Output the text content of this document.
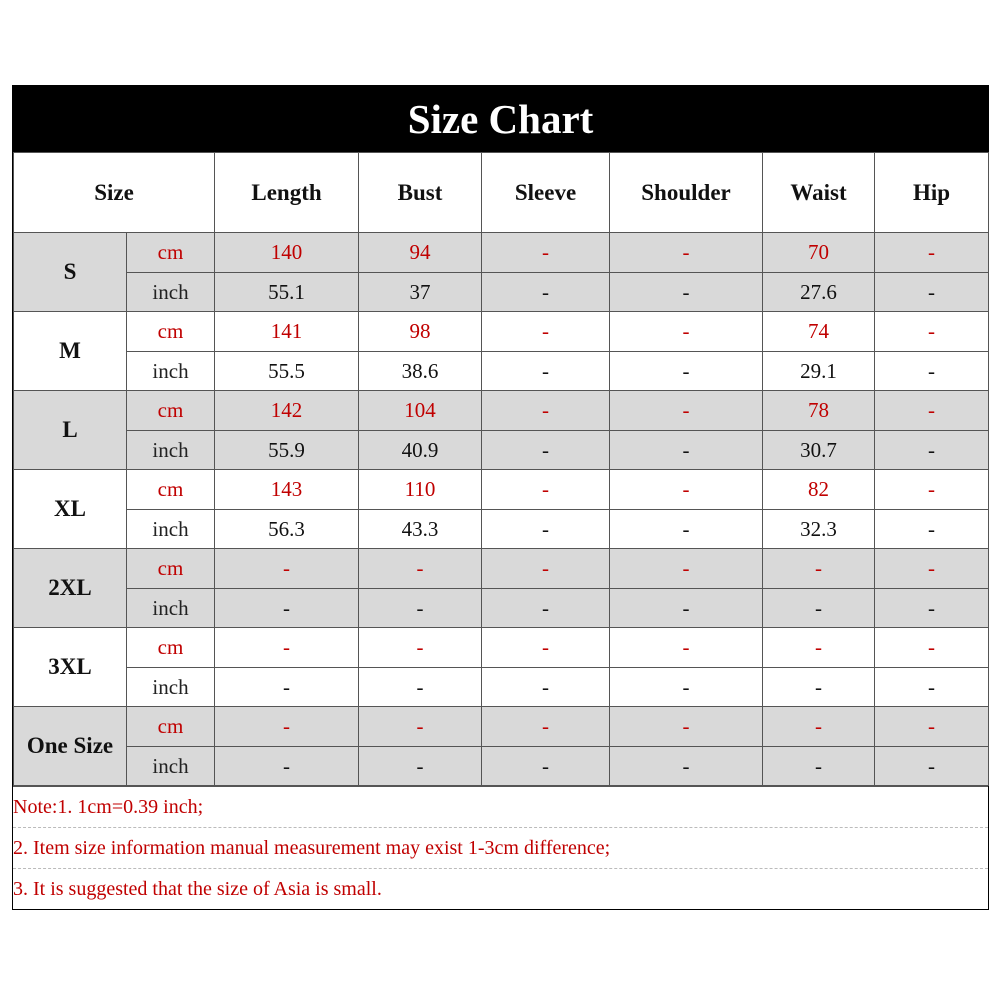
Size Chart
Size		Length	Bust	Sleeve	Shoulder	Waist	Hip
S	cm	140	94	-	-	70	-
	inch	55.1	37	-	-	27.6	-
M	cm	141	98	-	-	74	-
	inch	55.5	38.6	-	-	29.1	-
L	cm	142	104	-	-	78	-
	inch	55.9	40.9	-	-	30.7	-
XL	cm	143	110	-	-	82	-
	inch	56.3	43.3	-	-	32.3	-
2XL	cm	-	-	-	-	-	-
	inch	-	-	-	-	-	-
3XL	cm	-	-	-	-	-	-
	inch	-	-	-	-	-	-
One Size	cm	-	-	-	-	-	-
	inch	-	-	-	-	-	-
Note:1. 1cm=0.39 inch;
2. Item size information manual measurement may exist 1-3cm difference;
3. It is suggested that the size of Asia is small.
